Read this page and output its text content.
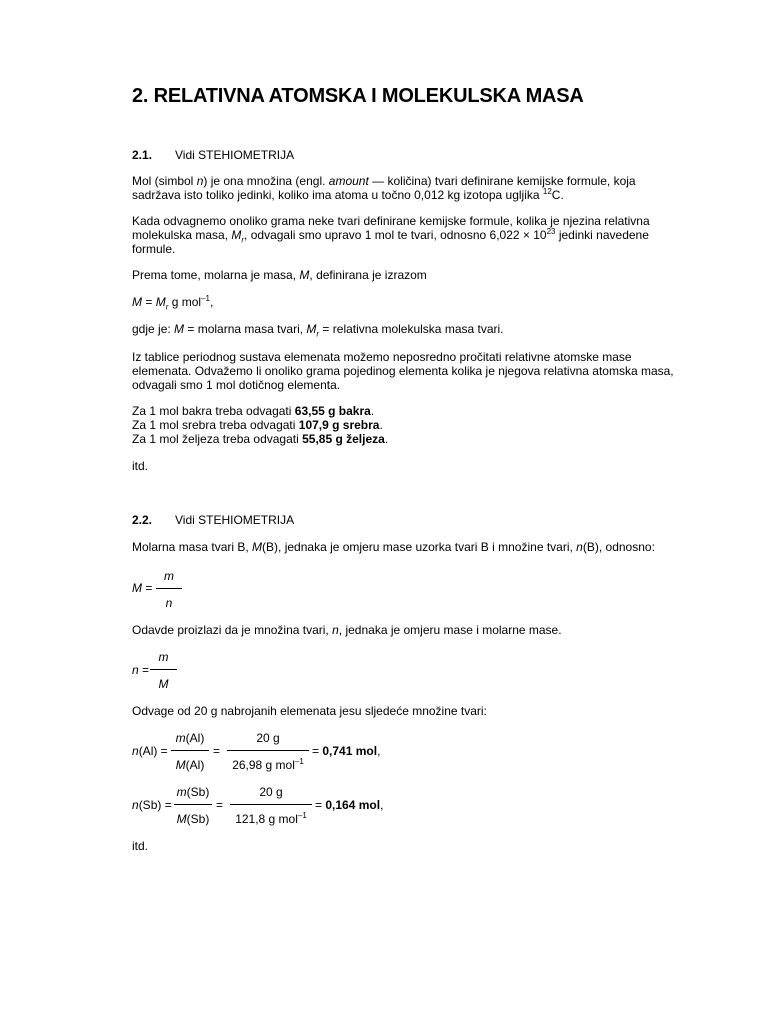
2. RELATIVNA ATOMSKA I MOLEKULSKA MASA
2.1. Vidi STEHIOMETRIJA
Mol (simbol n) je ona množina (engl. amount — količina) tvari definirane kemijske formule, koja
sadržava isto toliko jedinki, koliko ima atoma u točno 0,012 kg izotopa ugljika $^{12}$C.
Kada odvagnemo onoliko grama neke tvari definirane kemijske formule, kolika je njezina relativna
molekulska masa, $M_r$, odvagali smo upravo 1 mol te tvari, odnosno $6,022 \times 10^{23}$ jedinki navedene
formule.
Prema tome, molarna je masa, M, definirana je izrazom
$M = M_r$ g mol$^{-1}$,
gdje je: M = molarna masa tvari, $M_r$ = relativna molekulska masa tvari.
Iz tablice periodnog sustava elemenata možemo neposredno pročitati relativne atomske mase
elemenata. Odvažemo li onoliko grama pojedinog elementa kolika je njegova relativna atomska masa,
odvagali smo 1 mol dotičnog elementa.
Za 1 mol bakra treba odvagati 63,55 g bakra.
Za 1 mol srebra treba odvagati 107,9 g srebra.
Za 1 mol željeza treba odvagati 55,85 g željeza.
itd.
2.2. Vidi STEHIOMETRIJA
Molarna masa tvari B, M(B), jednaka je omjeru mase uzorka tvari B i množine tvari, n(B), odnosno:
M =
m
n
Odavde proizlazi da je množina tvari, n, jednaka je omjeru mase i molarne mase.
n =
m
M
Odvage od 20 g nabrojanih elemenata jesu sljedeće množine tvari:
n(Al) =
m(Al)
M(Al)
=
20 g
26,98 g mol$^{-1}$
= 0,741 mol,
n(Sb) =
m(Sb)
M(Sb)
=
20 g
121,8 g mol$^{-1}$
= 0,164 mol,
itd.
